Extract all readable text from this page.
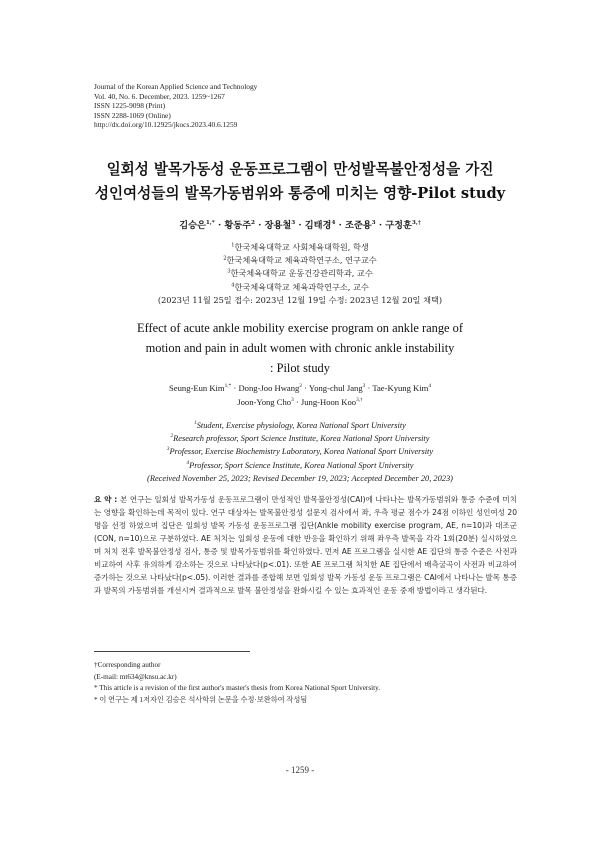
Journal of the Korean Applied Science and Technology
Vol. 40, No. 6. December, 2023. 1259~1267
ISSN 1225-9098 (Print)
ISSN 2288-1069 (Online)
http://dx.doi.org/10.12925/jkocs.2023.40.6.1259
일회성 발목가동성 운동프로그램이 만성발목불안정성을 가진
성인여성들의 발목가동범위와 통증에 미치는 영향-Pilot study
김승은$^{1,*}$ · 황동주$^2$ · 장용철$^3$ · 김태경$^4$ · 조준용$^3$ · 구정훈$^{3,\dagger}$
$^1$한국체육대학교 사회체육대학원, 학생
$^2$한국체육대학교 체육과학연구소, 연구교수
$^3$한국체육대학교 운동건강관리학과, 교수
$^4$한국체육대학교 체육과학연구소, 교수
(2023년 11월 25일 접수: 2023년 12월 19일 수정: 2023년 12월 20일 채택)
Effect of acute ankle mobility exercise program on ankle range of
motion and pain in adult women with chronic ankle instability
: Pilot study
Seung-Eun Kim$^{1,*}$ · Dong-Joo Hwang$^2$ · Yong-chul Jang$^3$ · Tae-Kyung Kim$^4$
Joon-Yong Cho$^3$ · Jung-Hoon Koo$^{3,\dagger}$
$^1$Student, Exercise physiology, Korea National Sport University
$^2$Research professor, Sport Science Institute, Korea National Sport University
$^3$Professor, Exercise Biochemistry Laboratory, Korea National Sport University
$^4$Professor, Sport Science Institute, Korea National Sport University
(Received November 25, 2023; Revised December 19, 2023; Accepted December 20, 2023)
요 약 : 본 연구는 일회성 발목가동성 운동프로그램이 만성적인 발목불안정성(CAI)에 나타나는 발목가동범위와 통증 수준에 미치는 영향을 확인하는데 목적이 있다. 연구 대상자는 발목불안정성 설문지 검사에서 좌, 우측 평균 점수가 24점 이하인 성인여성 20명을 선정 하였으며 집단은 일회성 발목 가동성 운동프로그램 집단(Ankle mobility exercise program, AE, n=10)과 대조군(CON, n=10)으로 구분하였다. AE 처치는 일회성 운동에 대한 반응을 확인하기 위해 좌우측 발목을 각각 1회(20분) 실시하였으며 처치 전후 발목불안정성 검사, 통증 및 발목가동범위를 확인하였다. 먼저 AE 프로그램을 실시한 AE 집단의 통증 수준은 사전과 비교하여 사후 유의하게 감소하는 것으로 나타났다(p<.01). 또한 AE 프로그램 처치한 AE 집단에서 배측굴곡이 사전과 비교하여 증가하는 것으로 나타났다(p<.05). 이러한 결과를 종합해 보면 일회성 발목 가동성 운동 프로그램은 CAI에서 나타나는 발목 통증과 발목의 가동범위를 개선시켜 결과적으로 발목 불안정성을 완화시킬 수 있는 효과적인 운동 중재 방법이라고 생각된다.
†Corresponding author
(E-mail: mt634@knsu.ac.kr)
* This article is a revision of the first author's master's thesis from Korea National Sport University.
* 이 연구는 제 1저자인 김승은 석사학위 논문을 수정·보완하여 작성됨
- 1259 -
